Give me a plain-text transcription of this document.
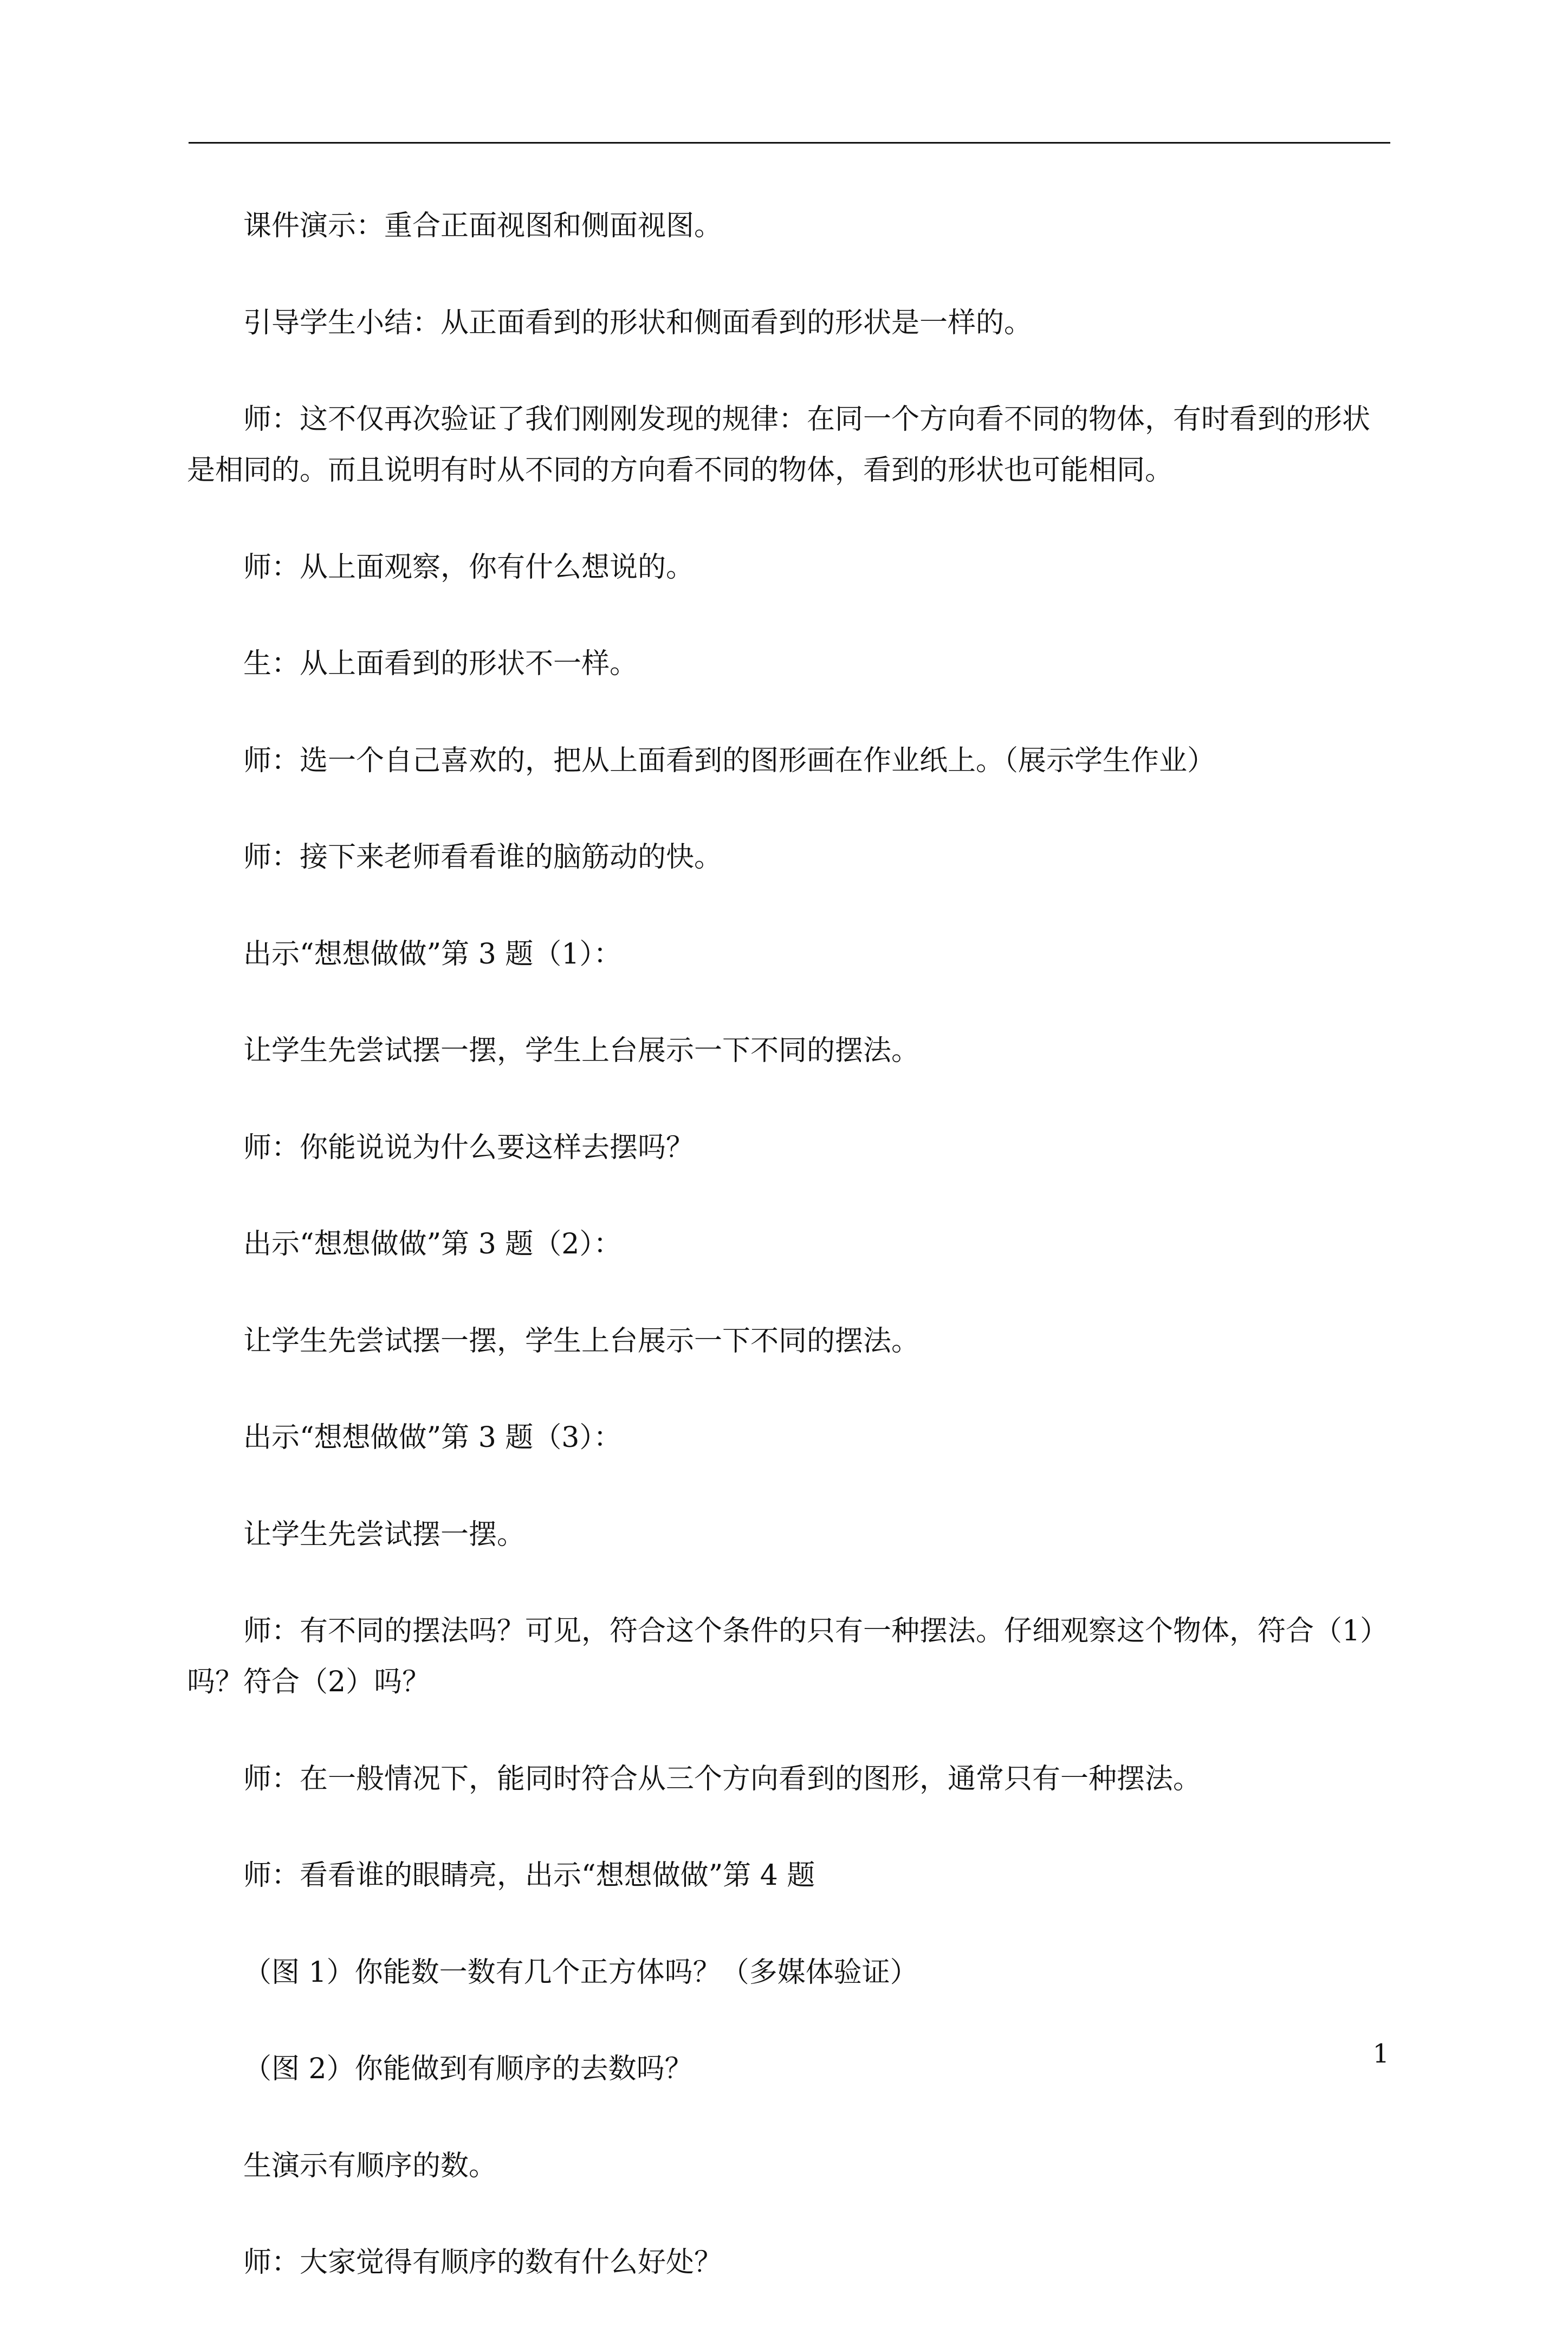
课件演示：重合正面视图和侧面视图。

引导学生小结：从正面看到的形状和侧面看到的形状是一样的。

师：这不仅再次验证了我们刚刚发现的规律：在同一个方向看不同的物体，有时看到的形状是相同的。而且说明有时从不同的方向看不同的物体，看到的形状也可能相同。

师：从上面观察，你有什么想说的。

生：从上面看到的形状不一样。

师：选一个自己喜欢的，把从上面看到的图形画在作业纸上。（展示学生作业）

师：接下来老师看看谁的脑筋动的快。

出示“想想做做”第 3 题（1）：

让学生先尝试摆一摆，学生上台展示一下不同的摆法。

师：你能说说为什么要这样去摆吗？

出示“想想做做”第 3 题（2）：

让学生先尝试摆一摆，学生上台展示一下不同的摆法。

出示“想想做做”第 3 题（3）：

让学生先尝试摆一摆。

师：有不同的摆法吗？可见，符合这个条件的只有一种摆法。仔细观察这个物体，符合（1）吗？符合（2）吗？

师：在一般情况下，能同时符合从三个方向看到的图形，通常只有一种摆法。

师：看看谁的眼睛亮，出示“想想做做”第 4 题

（图 1）你能数一数有几个正方体吗？（多媒体验证）

（图 2）你能做到有顺序的去数吗？

生演示有顺序的数。

师：大家觉得有顺序的数有什么好处？

1
